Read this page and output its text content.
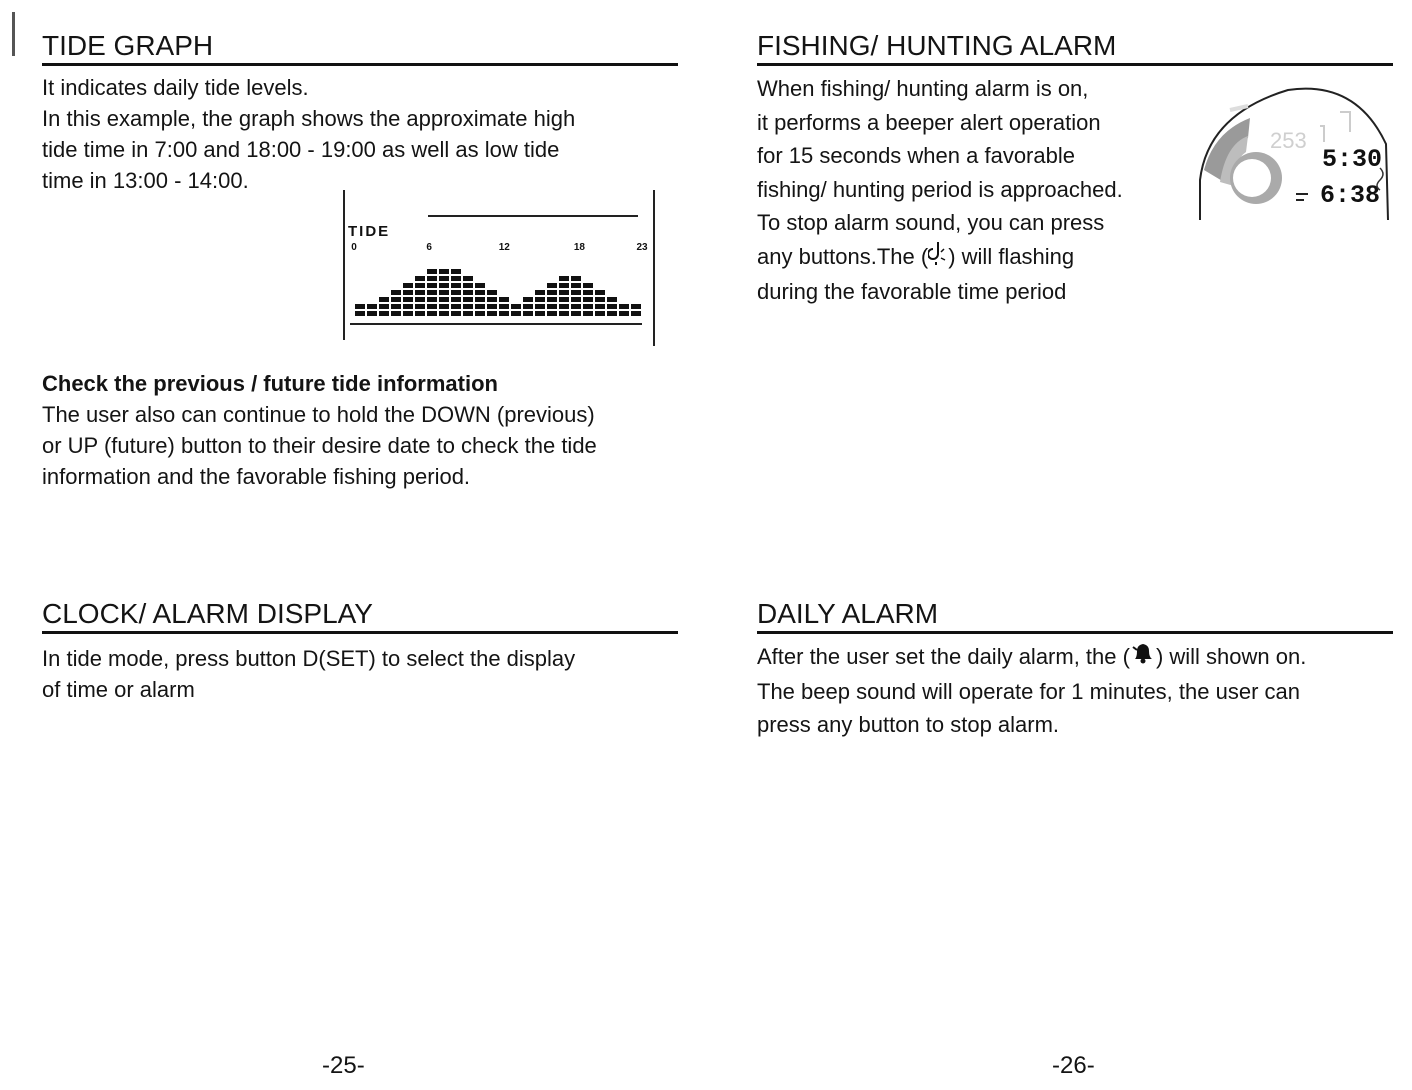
TIDE GRAPH

It indicates daily tide levels.

In this example, the graph shows the approximate high

tide time in 7:00 and 18:00 - 19:00 as well as low tide

time in 13:00 - 14:00.

TIDE
0	6	12	18	23
Check the previous / future tide information

The user also can continue to hold the DOWN (previous)

or UP (future) button to their desire date to check the tide

information and the favorable fishing period.

CLOCK/ ALARM DISPLAY

In tide mode, press button D(SET) to select the display

of time or alarm

-25-
FISHING/ HUNTING ALARM

When fishing/ hunting alarm is on,

it performs a beeper alert operation

for 15 seconds when a favorable

fishing/ hunting period is approached.

To stop alarm sound, you can press

any buttons.The ( ) will flashing

during the favorable time period

253
5:30
6:38
DAILY ALARM

After the user set the daily alarm, the ( ) will shown on.

The beep sound will operate for 1 minutes, the user can

press any button to stop alarm.

-26-
